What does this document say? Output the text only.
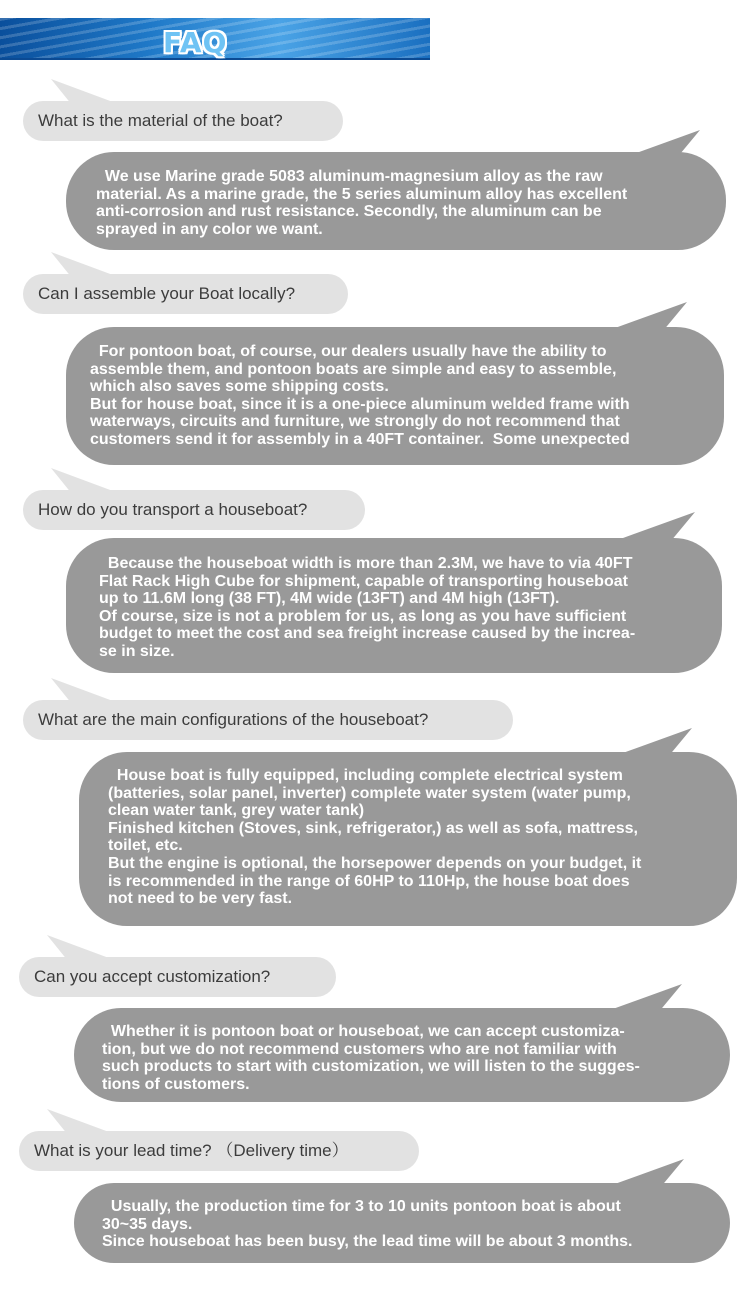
FAQ
What is the material of the boat?
We use Marine grade 5083 aluminum-magnesium alloy as the raw
material. As a marine grade, the 5 series aluminum alloy has excellent
anti-corrosion and rust resistance. Secondly, the aluminum can be
sprayed in any color we want.
Can I assemble your Boat locally?
For pontoon boat, of course, our dealers usually have the ability to
assemble them, and pontoon boats are simple and easy to assemble,
which also saves some shipping costs.
But for house boat, since it is a one-piece aluminum welded frame with
waterways, circuits and furniture, we strongly do not recommend that
customers send it for assembly in a 40FT container.  Some unexpected
How do you transport a houseboat?
Because the houseboat width is more than 2.3M, we have to via 40FT
Flat Rack High Cube for shipment, capable of transporting houseboat
up to 11.6M long (38 FT), 4M wide (13FT) and 4M high (13FT).
Of course, size is not a problem for us, as long as you have sufficient
budget to meet the cost and sea freight increase caused by the increa-
se in size.
What are the main configurations of the houseboat?
House boat is fully equipped, including complete electrical system
(batteries, solar panel, inverter) complete water system (water pump,
clean water tank, grey water tank)
Finished kitchen (Stoves, sink, refrigerator,) as well as sofa, mattress,
toilet, etc.
But the engine is optional, the horsepower depends on your budget, it
is recommended in the range of 60HP to 110Hp, the house boat does
not need to be very fast.
Can you accept customization?
Whether it is pontoon boat or houseboat, we can accept customiza-
tion, but we do not recommend customers who are not familiar with
such products to start with customization, we will listen to the sugges-
tions of customers.
What is your lead time? （Delivery time）
Usually, the production time for 3 to 10 units pontoon boat is about
30~35 days.
Since houseboat has been busy, the lead time will be about 3 months.
